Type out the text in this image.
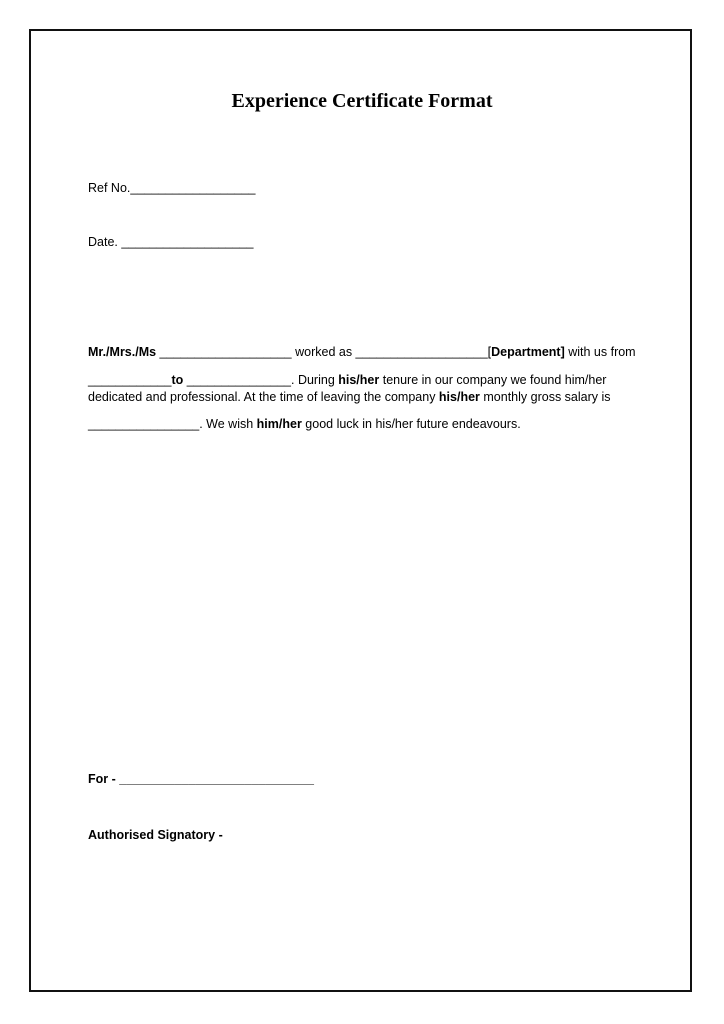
Experience Certificate Format
Ref No.__________________
Date. ___________________
Mr./Mrs./Ms ___________________ worked as ___________________[Department] with us from
____________to _______________. During his/her tenure in our company we found him/her
dedicated and professional. At the time of leaving the company his/her monthly gross salary is
________________. We wish him/her good luck in his/her future endeavours.
For - ____________________________
Authorised Signatory -
